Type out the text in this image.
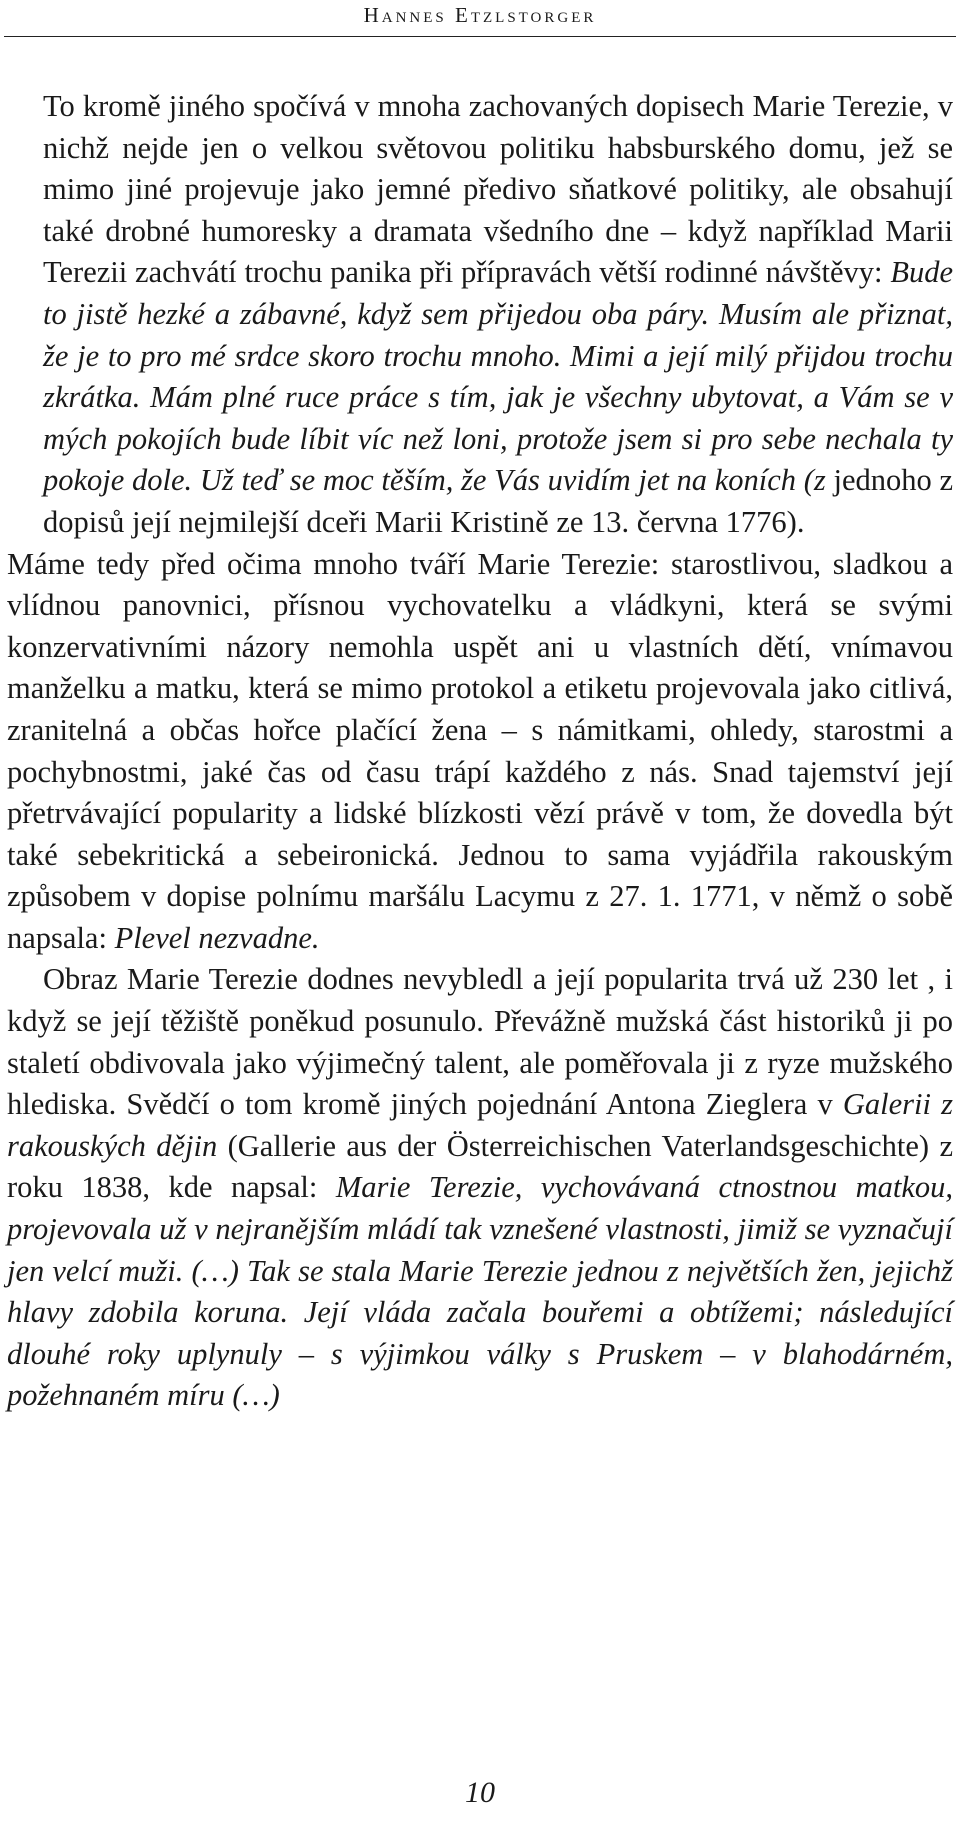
Hannes Etzlstorger

To kromě jiného spočívá v mnoha zachovaných dopisech Marie Terezie, v nichž nejde jen o velkou světovou politiku habsburského domu, jež se mimo jiné projevuje jako jemné předivo sňatkové politiky, ale obsahují také drobné humoresky a dramata všedního dne – když například Marii Terezii zachvátí trochu panika při přípravách větší rodinné návštěvy: Bude to jistě hezké a zábavné, když sem přijedou oba páry. Musím ale přiznat, že je to pro mé srdce skoro trochu mnoho. Mimi a její milý přijdou trochu zkrátka. Mám plné ruce práce s tím, jak je všechny ubytovat, a Vám se v mých pokojích bude líbit víc než loni, protože jsem si pro sebe nechala ty pokoje dole. Už teď se moc těším, že Vás uvidím jet na koních (z jednoho z dopisů její nejmilejší dceři Marii Kristině ze 13. června 1776).

Máme tedy před očima mnoho tváří Marie Terezie: starostlivou, sladkou a vlídnou panovnici, přísnou vychovatelku a vládkyni, která se svými konzervativními názory nemohla uspět ani u vlastních dětí, vnímavou manželku a matku, která se mimo protokol a etiketu projevovala jako citlivá, zranitelná a občas hořce plačící žena – s námitkami, ohledy, starostmi a pochybnostmi, jaké čas od času trápí každého z nás. Snad tajemství její přetrvávající popularity a lidské blízkosti vězí právě v tom, že dovedla být také sebekritická a sebeironická. Jednou to sama vyjádřila rakouským způsobem v dopise polnímu maršálu Lacymu z 27. 1. 1771, v němž o sobě napsala: Plevel nezvadne.

Obraz Marie Terezie dodnes nevybledl a její popularita trvá už 230 let , i když se její těžiště poněkud posunulo. Převážně mužská část historiků ji po staletí obdivovala jako výjimečný talent, ale poměřovala ji z ryze mužského hlediska. Svědčí o tom kromě jiných pojednání Antona Zieglera v Galerii z rakouských dějin (Gallerie aus der Österreichischen Vaterlandsgeschichte) z roku 1838, kde napsal: Marie Terezie, vychovávaná ctnostnou matkou, projevovala už v nejranějším mládí tak vznešené vlastnosti, jimiž se vyznačují jen velcí muži. (…) Tak se stala Marie Terezie jednou z největších žen, jejichž hlavy zdobila koruna. Její vláda začala bouřemi a obtížemi; následující dlouhé roky uplynuly – s výjimkou války s Pruskem – v blahodárném, požehnaném míru (…)

10
